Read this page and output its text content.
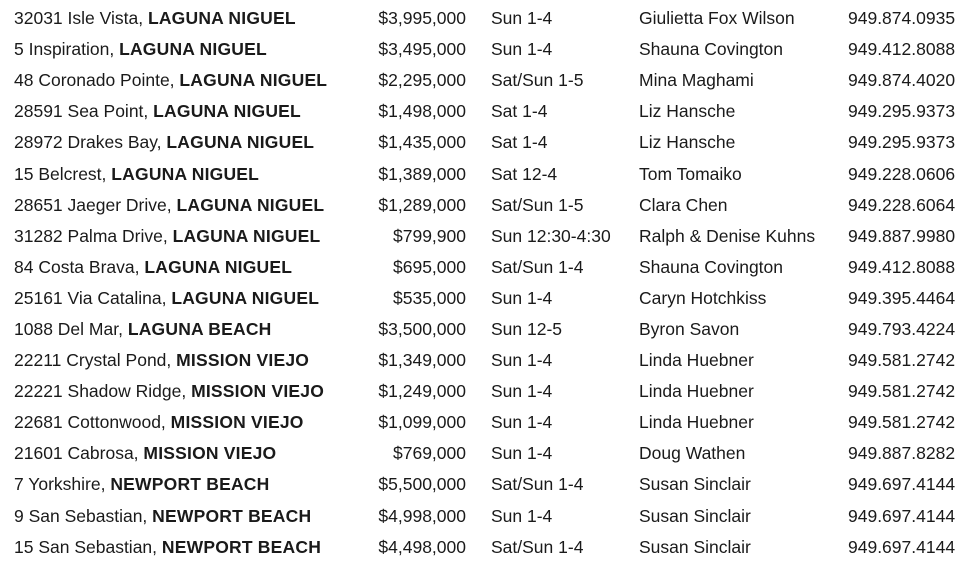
32031 Isle Vista, LAGUNA NIGUEL	$3,995,000	Sun 1-4	Giulietta Fox Wilson	949.874.0935
5 Inspiration, LAGUNA NIGUEL	$3,495,000	Sun 1-4	Shauna Covington	949.412.8088
48 Coronado Pointe, LAGUNA NIGUEL	$2,295,000	Sat/Sun 1-5	Mina Maghami	949.874.4020
28591 Sea Point, LAGUNA NIGUEL	$1,498,000	Sat 1-4	Liz Hansche	949.295.9373
28972 Drakes Bay, LAGUNA NIGUEL	$1,435,000	Sat 1-4	Liz Hansche	949.295.9373
15 Belcrest, LAGUNA NIGUEL	$1,389,000	Sat 12-4	Tom Tomaiko	949.228.0606
28651 Jaeger Drive, LAGUNA NIGUEL	$1,289,000	Sat/Sun 1-5	Clara Chen	949.228.6064
31282 Palma Drive, LAGUNA NIGUEL	$799,900	Sun 12:30-4:30	Ralph & Denise Kuhns	949.887.9980
84 Costa Brava, LAGUNA NIGUEL	$695,000	Sat/Sun 1-4	Shauna Covington	949.412.8088
25161 Via Catalina, LAGUNA NIGUEL	$535,000	Sun 1-4	Caryn Hotchkiss	949.395.4464
1088 Del Mar, LAGUNA BEACH	$3,500,000	Sun 12-5	Byron Savon	949.793.4224
22211 Crystal Pond, MISSION VIEJO	$1,349,000	Sun 1-4	Linda Huebner	949.581.2742
22221 Shadow Ridge, MISSION VIEJO	$1,249,000	Sun 1-4	Linda Huebner	949.581.2742
22681 Cottonwood, MISSION VIEJO	$1,099,000	Sun 1-4	Linda Huebner	949.581.2742
21601 Cabrosa, MISSION VIEJO	$769,000	Sun 1-4	Doug Wathen	949.887.8282
7 Yorkshire, NEWPORT BEACH	$5,500,000	Sat/Sun 1-4	Susan Sinclair	949.697.4144
9 San Sebastian, NEWPORT BEACH	$4,998,000	Sun 1-4	Susan Sinclair	949.697.4144
15 San Sebastian, NEWPORT BEACH	$4,498,000	Sat/Sun 1-4	Susan Sinclair	949.697.4144
